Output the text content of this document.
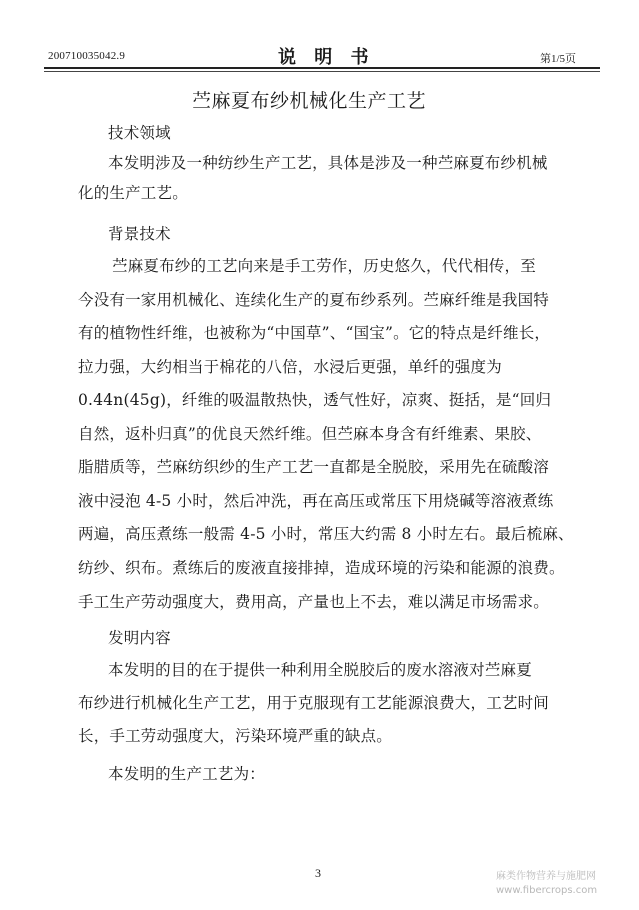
200710035042.9	说 明 书	第1/5页
苎麻夏布纱机械化生产工艺
技术领域
本发明涉及一种纺纱生产工艺，具体是涉及一种苎麻夏布纱机械
化的生产工艺。
背景技术
苎麻夏布纱的工艺向来是手工劳作，历史悠久，代代相传，至
今没有一家用机械化、连续化生产的夏布纱系列。苎麻纤维是我国特
有的植物性纤维，也被称为“中国草”、“国宝”。它的特点是纤维长，
拉力强，大约相当于棉花的八倍，水浸后更强，单纤的强度为
0.44n(45g)，纤维的吸温散热快，透气性好，凉爽、挺括，是“回归
自然，返朴归真”的优良天然纤维。但苎麻本身含有纤维素、果胶、
脂腊质等，苎麻纺织纱的生产工艺一直都是全脱胶，采用先在硫酸溶
液中浸泡 4-5 小时，然后冲洗，再在高压或常压下用烧碱等溶液煮练
两遍，高压煮练一般需 4-5 小时，常压大约需 8 小时左右。最后梳麻、
纺纱、织布。煮练后的废液直接排掉，造成环境的污染和能源的浪费。
手工生产劳动强度大，费用高，产量也上不去，难以满足市场需求。
发明内容
本发明的目的在于提供一种利用全脱胶后的废水溶液对苎麻夏
布纱进行机械化生产工艺，用于克服现有工艺能源浪费大，工艺时间
长，手工劳动强度大，污染环境严重的缺点。
本发明的生产工艺为：
3	麻类作物营养与施肥网
www.fibercrops.com
